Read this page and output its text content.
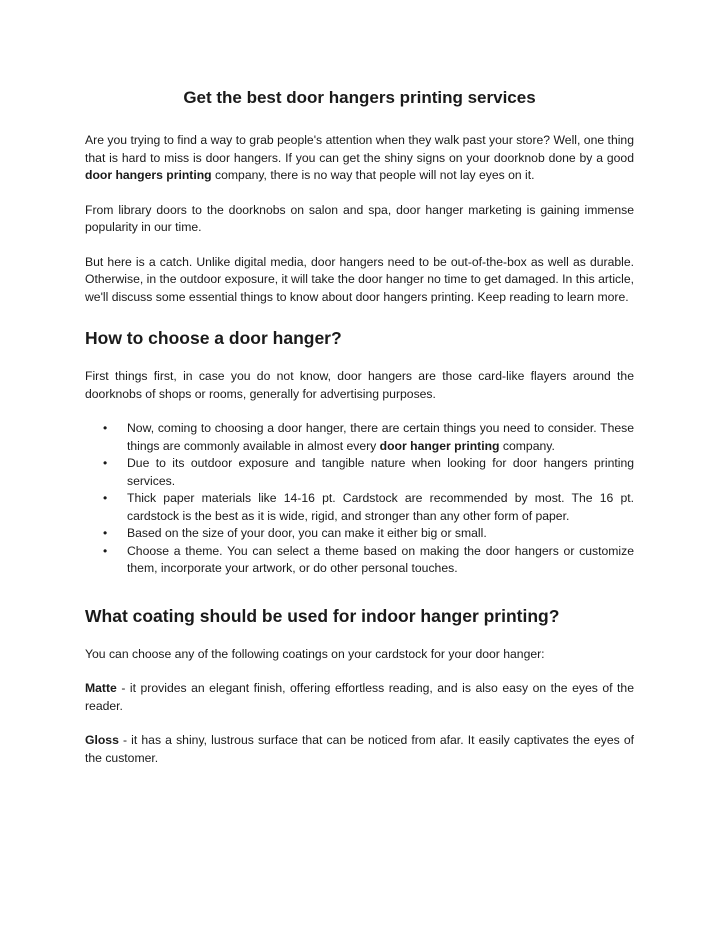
Get the best door hangers printing services

Are you trying to find a way to grab people's attention when they walk past your store? Well, one thing that is hard to miss is door hangers. If you can get the shiny signs on your doorknob done by a good door hangers printing company, there is no way that people will not lay eyes on it.

From library doors to the doorknobs on salon and spa, door hanger marketing is gaining immense popularity in our time.

But here is a catch. Unlike digital media, door hangers need to be out-of-the-box as well as durable. Otherwise, in the outdoor exposure, it will take the door hanger no time to get damaged. In this article, we'll discuss some essential things to know about door hangers printing. Keep reading to learn more.

How to choose a door hanger?

First things first, in case you do not know, door hangers are those card-like flayers around the doorknobs of shops or rooms, generally for advertising purposes.

• Now, coming to choosing a door hanger, there are certain things you need to consider. These things are commonly available in almost every door hanger printing company.
• Due to its outdoor exposure and tangible nature when looking for door hangers printing services.
• Thick paper materials like 14-16 pt. Cardstock are recommended by most. The 16 pt. cardstock is the best as it is wide, rigid, and stronger than any other form of paper.
• Based on the size of your door, you can make it either big or small.
• Choose a theme. You can select a theme based on making the door hangers or customize them, incorporate your artwork, or do other personal touches.
What coating should be used for indoor hanger printing?

You can choose any of the following coatings on your cardstock for your door hanger:

Matte - it provides an elegant finish, offering effortless reading, and is also easy on the eyes of the reader.

Gloss - it has a shiny, lustrous surface that can be noticed from afar. It easily captivates the eyes of the customer.
